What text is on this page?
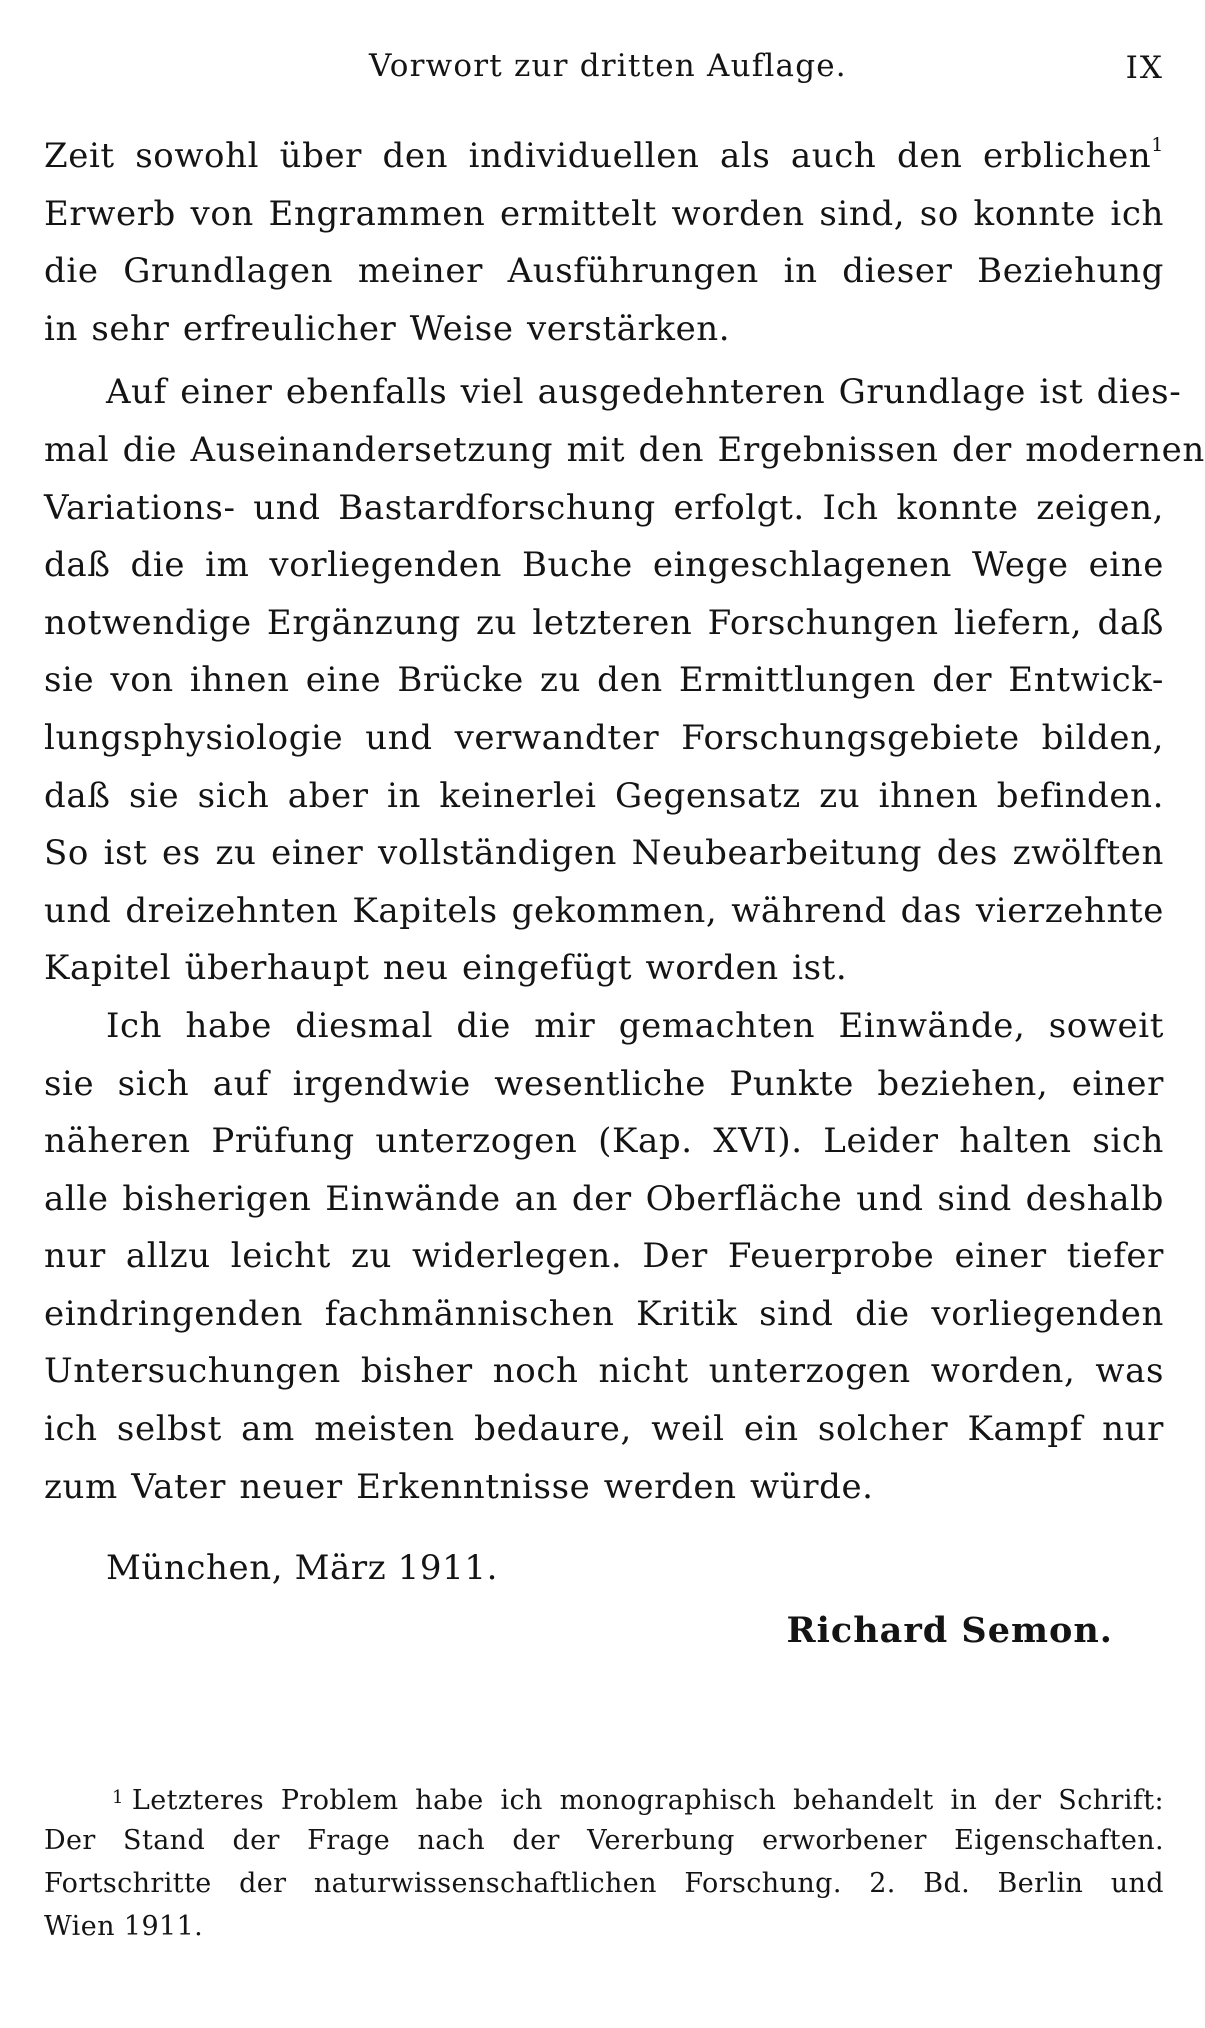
Vorwort zur dritten Auflage.	IX
Zeit sowohl über den individuellen als auch den erblichen$^1$
Erwerb von Engrammen ermittelt worden sind, so konnte ich
die Grundlagen meiner Ausführungen in dieser Beziehung
in sehr erfreulicher Weise verstärken.
Auf einer ebenfalls viel ausgedehnteren Grundlage ist dies-
mal die Auseinandersetzung mit den Ergebnissen der modernen
Variations- und Bastardforschung erfolgt. Ich konnte zeigen,
daß die im vorliegenden Buche eingeschlagenen Wege eine
notwendige Ergänzung zu letzteren Forschungen liefern, daß
sie von ihnen eine Brücke zu den Ermittlungen der Entwick-
lungsphysiologie und verwandter Forschungsgebiete bilden,
daß sie sich aber in keinerlei Gegensatz zu ihnen befinden.
So ist es zu einer vollständigen Neubearbeitung des zwölften
und dreizehnten Kapitels gekommen, während das vierzehnte
Kapitel überhaupt neu eingefügt worden ist.
Ich habe diesmal die mir gemachten Einwände, soweit
sie sich auf irgendwie wesentliche Punkte beziehen, einer
näheren Prüfung unterzogen (Kap. XVI). Leider halten sich
alle bisherigen Einwände an der Oberfläche und sind deshalb
nur allzu leicht zu widerlegen. Der Feuerprobe einer tiefer
eindringenden fachmännischen Kritik sind die vorliegenden
Untersuchungen bisher noch nicht unterzogen worden, was
ich selbst am meisten bedaure, weil ein solcher Kampf nur
zum Vater neuer Erkenntnisse werden würde.
München, März 1911.
Richard Semon.
$^1$ Letzteres Problem habe ich monographisch behandelt in der Schrift:
Der Stand der Frage nach der Vererbung erworbener Eigenschaften.
Fortschritte der naturwissenschaftlichen Forschung. 2. Bd. Berlin und
Wien 1911.
